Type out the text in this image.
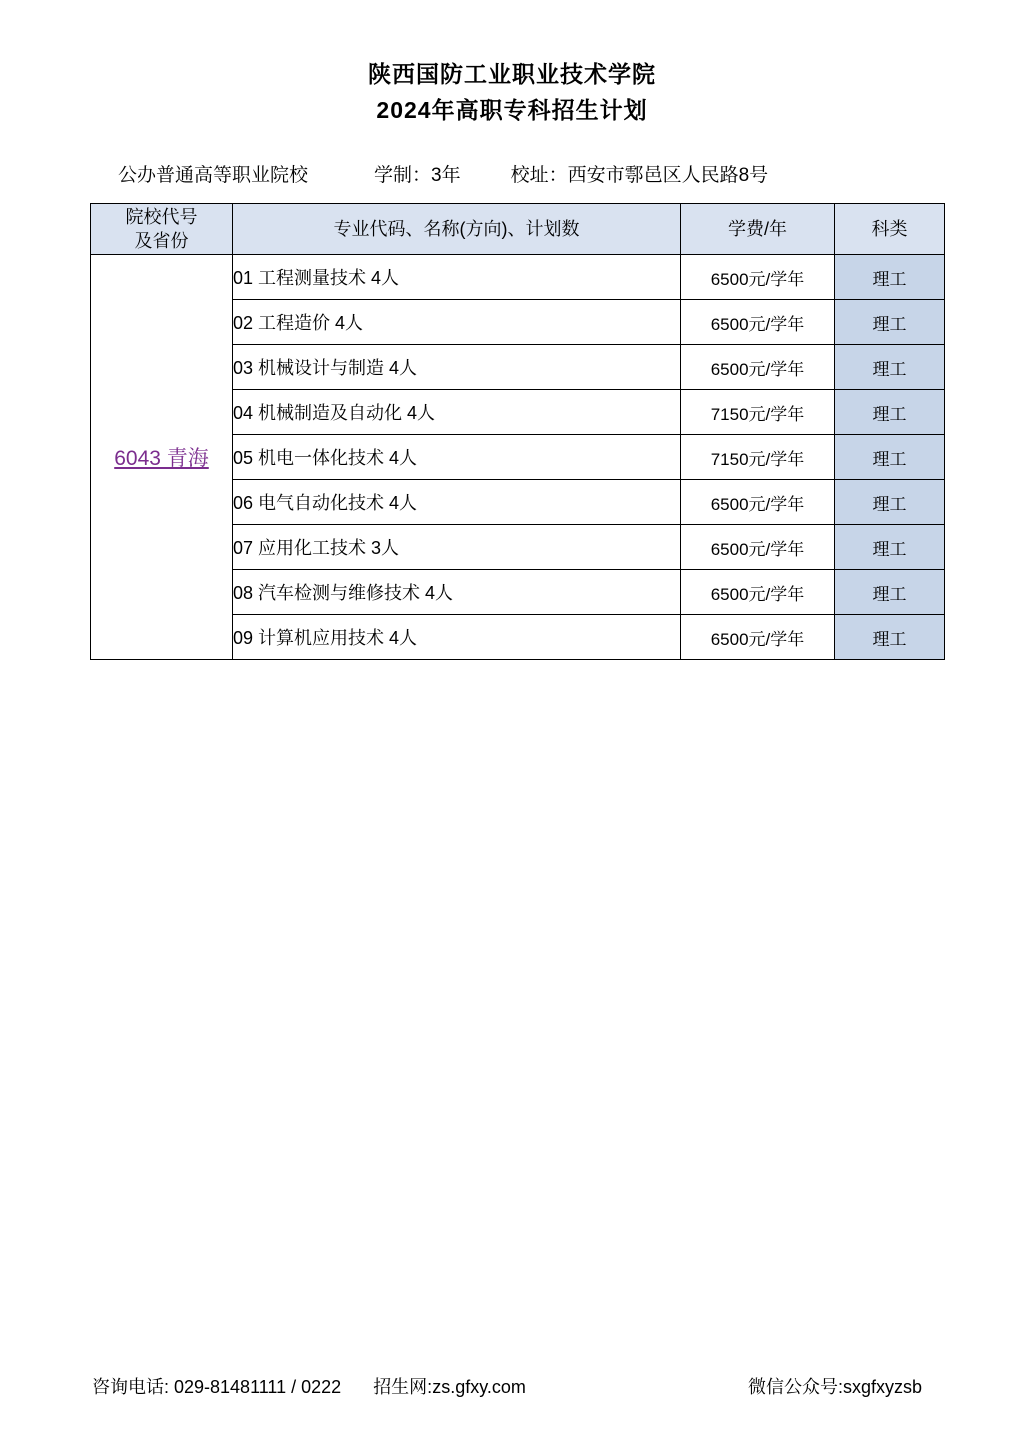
陕西国防工业职业技术学院
2024年高职专科招生计划
公办普通高等职业院校	学制：3年	校址：西安市鄠邑区人民路8号
院校代号
及省份	专业代码、名称(方向)、计划数	学费/年	科类
6043 青海	01 工程测量技术 4人	6500元/学年	理工
	02 工程造价 4人	6500元/学年	理工
	03 机械设计与制造 4人	6500元/学年	理工
	04 机械制造及自动化 4人	7150元/学年	理工
	05 机电一体化技术 4人	7150元/学年	理工
	06 电气自动化技术 4人	6500元/学年	理工
	07 应用化工技术 3人	6500元/学年	理工
	08 汽车检测与维修技术 4人	6500元/学年	理工
	09 计算机应用技术 4人	6500元/学年	理工
咨询电话: 029-81481111 / 0222 招生网:zs.gfxy.com	微信公众号:sxgfxyzsb
